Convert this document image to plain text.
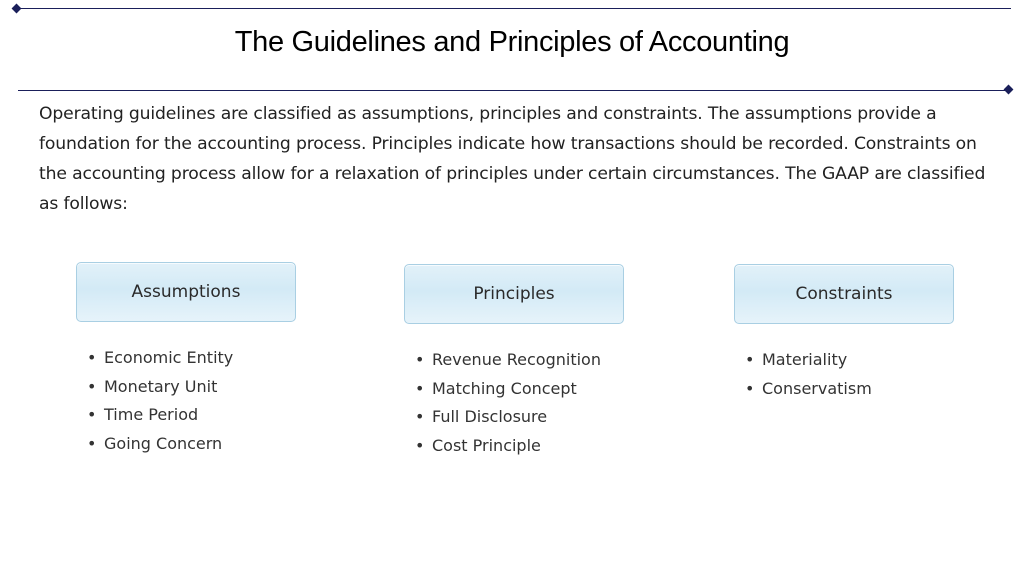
The Guidelines and Principles of Accounting
Operating guidelines are classified as assumptions, principles and constraints. The assumptions provide a foundation for the accounting process. Principles indicate how transactions should be recorded. Constraints on the accounting process allow for a relaxation of principles under certain circumstances. The GAAP are classified as follows:
Assumptions
• Economic Entity
• Monetary Unit
• Time Period
• Going Concern
Principles
• Revenue Recognition
• Matching Concept
• Full Disclosure
• Cost Principle
Constraints
• Materiality
• Conservatism
